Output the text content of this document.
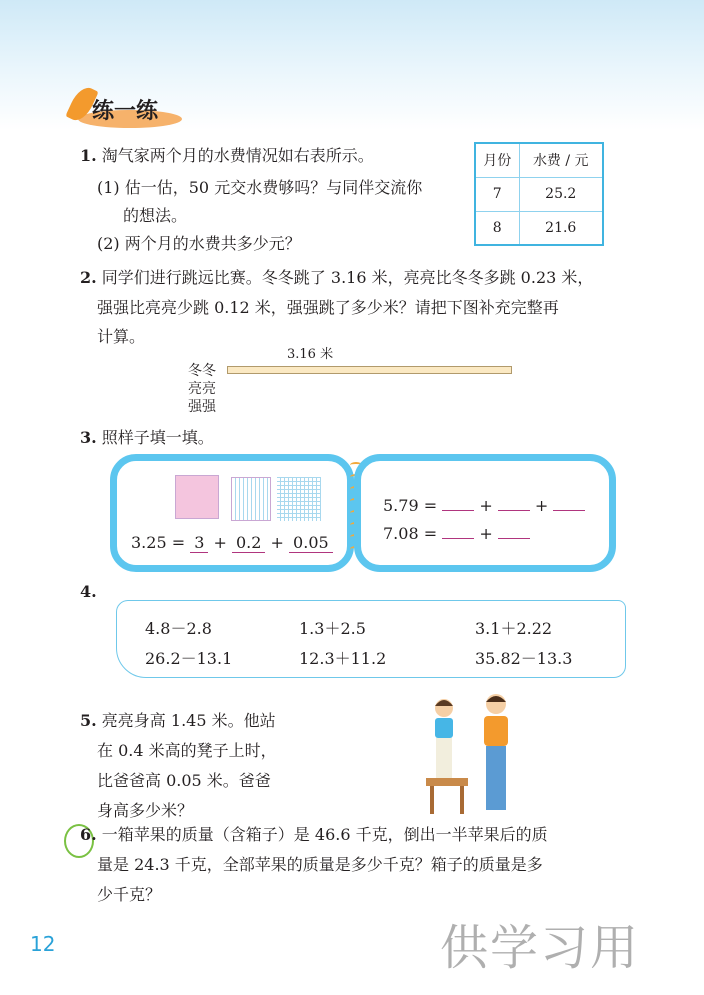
练一练
1. 淘气家两个月的水费情况如右表所示。
(1) 估一估，50 元交水费够吗？与同伴交流你
的想法。
(2) 两个月的水费共多少元？
月份	水费 / 元
7	25.2
8	21.6
2. 同学们进行跳远比赛。冬冬跳了 3.16 米，亮亮比冬冬多跳 0.23 米，
强强比亮亮少跳 0.12 米，强强跳了多少米？请把下图补充完整再
计算。
3.16 米
冬冬
亮亮
强强
3. 照样子填一填。
3.25 = 3 + 0.2 + 0.05
5.79 =	+	+
7.08 =	+
4.
4.8－2.8	1.3＋2.5	3.1＋2.22
26.2－13.1	12.3＋11.2	35.82－13.3
5. 亮亮身高 1.45 米。他站
在 0.4 米高的凳子上时，
比爸爸高 0.05 米。爸爸
身高多少米？
6. 一箱苹果的质量（含箱子）是 46.6 千克，倒出一半苹果后的质
量是 24.3 千克，全部苹果的质量是多少千克？箱子的质量是多
少千克？
供学习用
12
